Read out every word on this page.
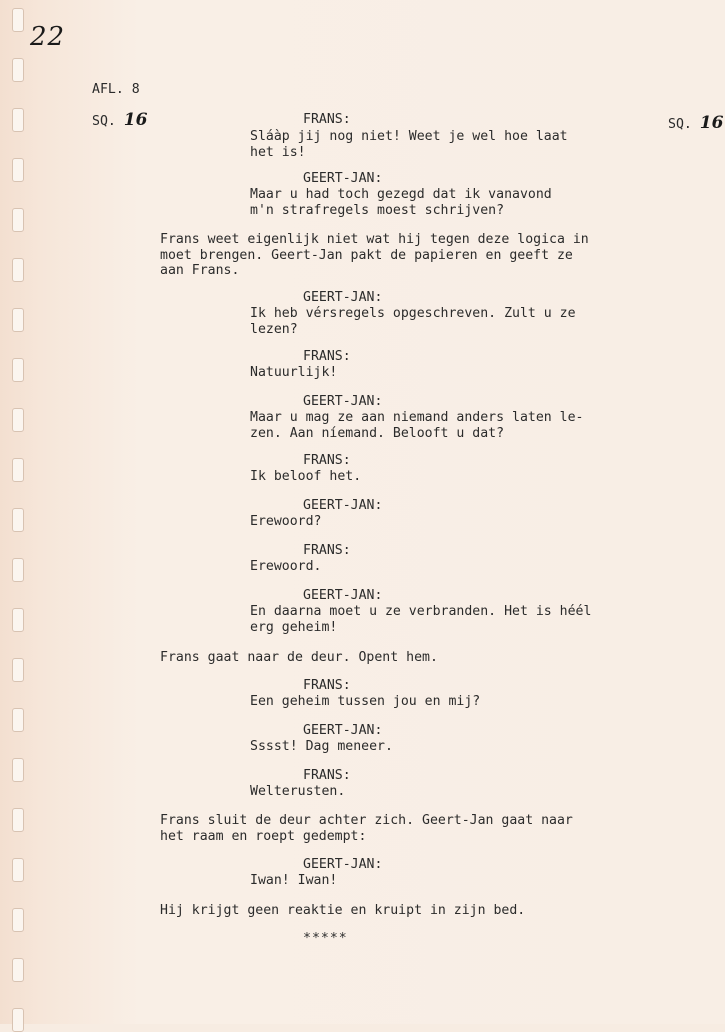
22
AFL. 8
SQ. 16	SQ. 16
FRANS:
Sláàp jij nog niet! Weet je wel hoe laat
het is!
GEERT-JAN:
Maar u had toch gezegd dat ik vanavond
m'n strafregels moest schrijven?
Frans weet eigenlijk niet wat hij tegen deze logica in
moet brengen. Geert-Jan pakt de papieren en geeft ze
aan Frans.
GEERT-JAN:
Ik heb vérsregels opgeschreven. Zult u ze
lezen?
FRANS:
Natuurlijk!
GEERT-JAN:
Maar u mag ze aan niemand anders laten le-
zen. Aan níemand. Belooft u dat?
FRANS:
Ik beloof het.
GEERT-JAN:
Erewoord?
FRANS:
Erewoord.
GEERT-JAN:
En daarna moet u ze verbranden. Het is héél
erg geheim!
Frans gaat naar de deur. Opent hem.
FRANS:
Een geheim tussen jou en mij?
GEERT-JAN:
Sssst! Dag meneer.
FRANS:
Welterusten.
Frans sluit de deur achter zich. Geert-Jan gaat naar
het raam en roept gedempt:
GEERT-JAN:
Iwan! Iwan!
Hij krijgt geen reaktie en kruipt in zijn bed.
*****
